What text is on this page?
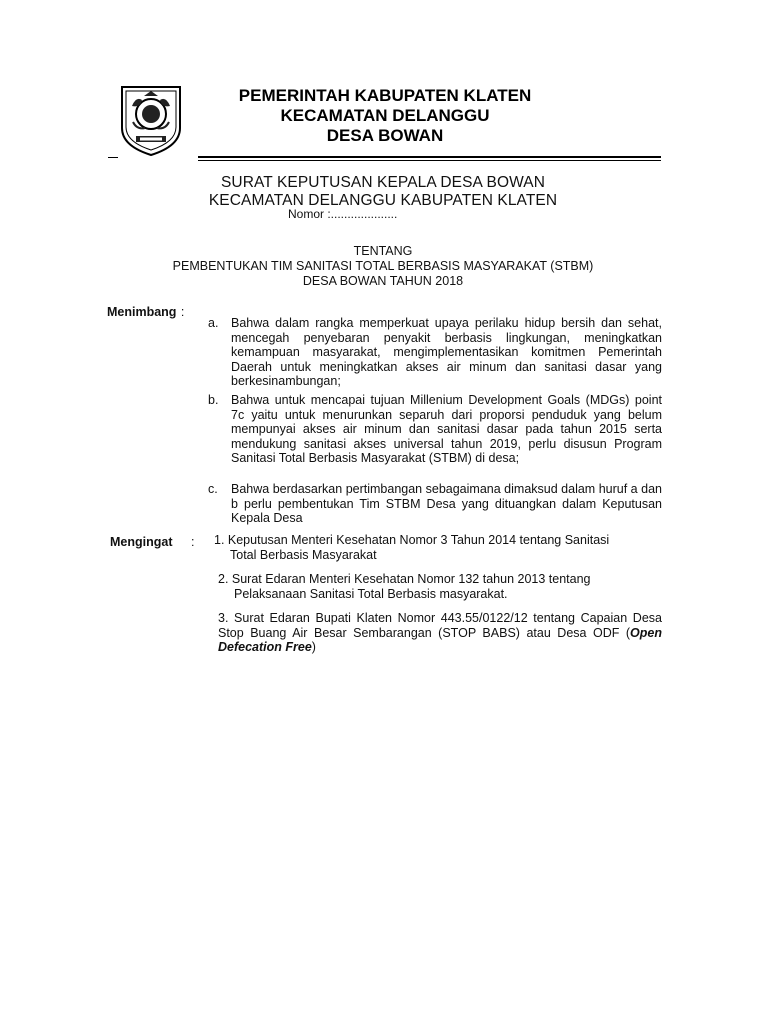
PEMERINTAH KABUPATEN KLATEN
KECAMATAN DELANGGU
DESA BOWAN
SURAT KEPUTUSAN KEPALA DESA BOWAN
KECAMATAN DELANGGU KABUPATEN KLATEN
Nomor :....................
TENTANG
PEMBENTUKAN TIM SANITASI TOTAL BERBASIS MASYARAKAT (STBM)
DESA BOWAN TAHUN 2018
Menimbang :
a.	Bahwa dalam rangka memperkuat upaya perilaku hidup bersih dan sehat, mencegah penyebaran penyakit berbasis lingkungan, meningkatkan kemampuan masyarakat, mengimplementasikan komitmen Pemerintah Daerah untuk meningkatkan akses air minum dan sanitasi dasar yang berkesinambungan;
b.	Bahwa untuk mencapai tujuan Millenium Development Goals (MDGs) point 7c yaitu untuk menurunkan separuh dari proporsi penduduk yang belum mempunyai akses air minum dan sanitasi dasar pada tahun 2015 serta mendukung sanitasi akses universal tahun 2019, perlu disusun Program Sanitasi Total Berbasis Masyarakat (STBM) di desa;
c.	Bahwa berdasarkan pertimbangan sebagaimana dimaksud dalam huruf a dan b perlu pembentukan Tim STBM Desa yang dituangkan dalam Keputusan Kepala Desa
Mengingat : 1. Keputusan Menteri Kesehatan Nomor 3 Tahun 2014 tentang Sanitasi
Total Berbasis Masyarakat
2. Surat Edaran Menteri Kesehatan Nomor 132 tahun 2013 tentang
Pelaksanaan Sanitasi Total Berbasis masyarakat.
3. Surat Edaran Bupati Klaten Nomor 443.55/0122/12 tentang Capaian Desa Stop Buang Air Besar Sembarangan (STOP BABS) atau Desa ODF (Open Defecation Free)
